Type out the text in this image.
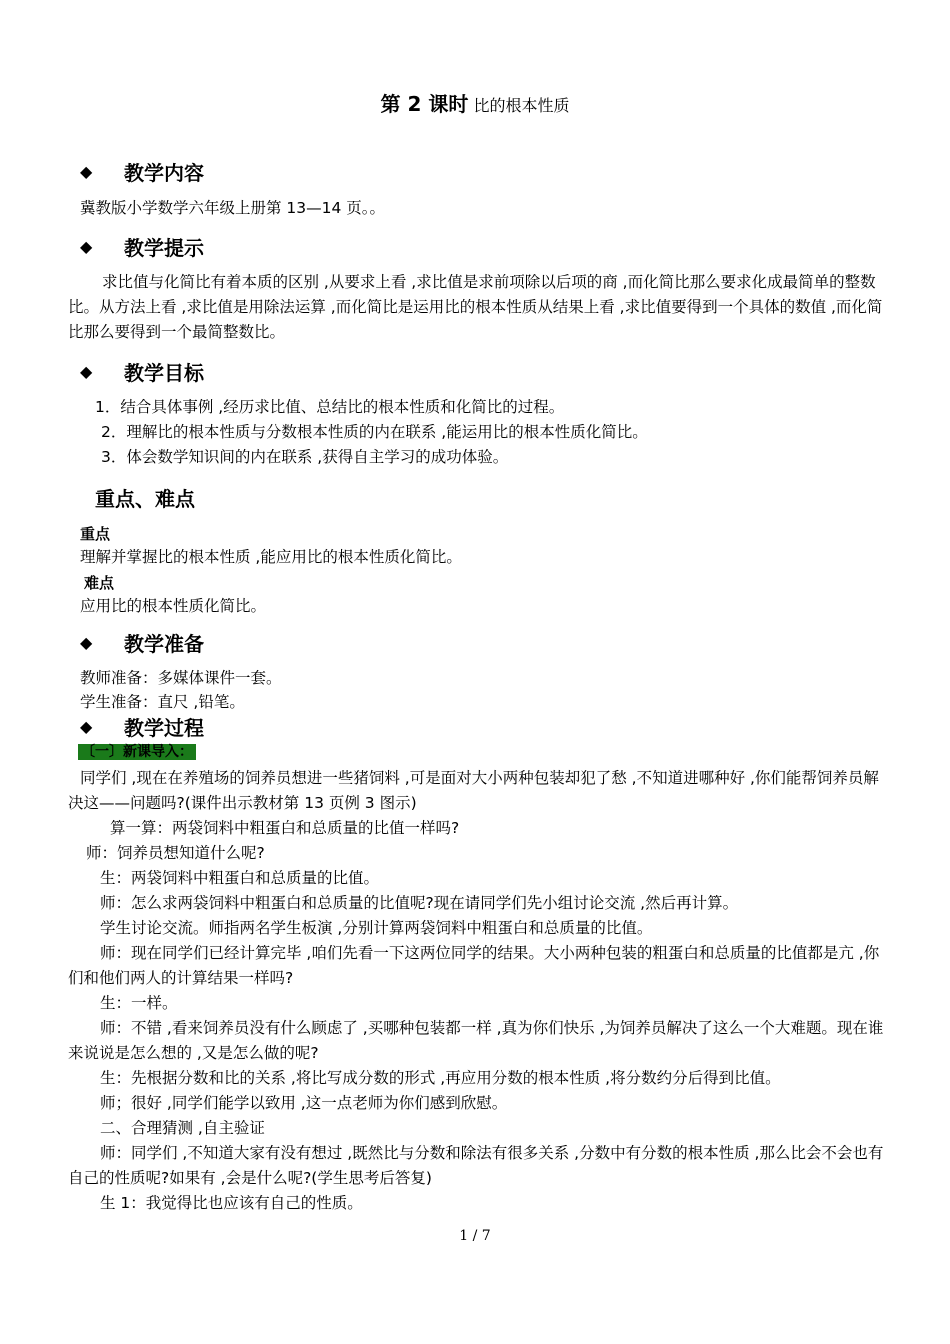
第 2 课时 比的根本性质
◆	教学内容
冀教版小学数学六年级上册第 13—14 页。。
◆	教学提示
求比值与化简比有着本质的区别 ,从要求上看 ,求比值是求前项除以后项的商 ,而化简比那么要求化成最简单的整数比。从方法上看 ,求比值是用除法运算 ,而化简比是运用比的根本性质从结果上看 ,求比值要得到一个具体的数值 ,而化简比那么要得到一个最简整数比。
◆	教学目标
1．结合具体事例 ,经历求比值、总结比的根本性质和化简比的过程。
2．理解比的根本性质与分数根本性质的内在联系 ,能运用比的根本性质化简比。
3．体会数学知识间的内在联系 ,获得自主学习的成功体验。
重点、难点
重点
理解并掌握比的根本性质 ,能应用比的根本性质化简比。
难点
应用比的根本性质化简比。
◆	教学准备
教师准备：多媒体课件一套。
学生准备：直尺 ,铅笔。
◆	教学过程
〔一〕新课导入：
同学们 ,现在在养殖场的饲养员想进一些猪饲料 ,可是面对大小两种包装却犯了愁 ,不知道进哪种好 ,你们能帮饲养员解决这——问题吗?(课件出示教材第 13 页例 3 图示)
算一算：两袋饲料中粗蛋白和总质量的比值一样吗?
师：饲养员想知道什么呢?
生：两袋饲料中粗蛋白和总质量的比值。
师：怎么求两袋饲料中粗蛋白和总质量的比值呢?现在请同学们先小组讨论交流 ,然后再计算。
学生讨论交流。师指两名学生板演 ,分别计算两袋饲料中粗蛋白和总质量的比值。
师：现在同学们已经计算完毕 ,咱们先看一下这两位同学的结果。大小两种包装的粗蛋白和总质量的比值都是亢 ,你们和他们两人的计算结果一样吗?
生：一样。
师：不错 ,看来饲养员没有什么顾虑了 ,买哪种包装都一样 ,真为你们快乐 ,为饲养员解决了这么一个大难题。现在谁来说说是怎么想的 ,又是怎么做的呢?
生：先根据分数和比的关系 ,将比写成分数的形式 ,再应用分数的根本性质 ,将分数约分后得到比值。
师；很好 ,同学们能学以致用 ,这一点老师为你们感到欣慰。
二、合理猜测 ,自主验证
师：同学们 ,不知道大家有没有想过 ,既然比与分数和除法有很多关系 ,分数中有分数的根本性质 ,那么比会不会也有自己的性质呢?如果有 ,会是什么呢?(学生思考后答复)
生 1：我觉得比也应该有自己的性质。
1 / 7
